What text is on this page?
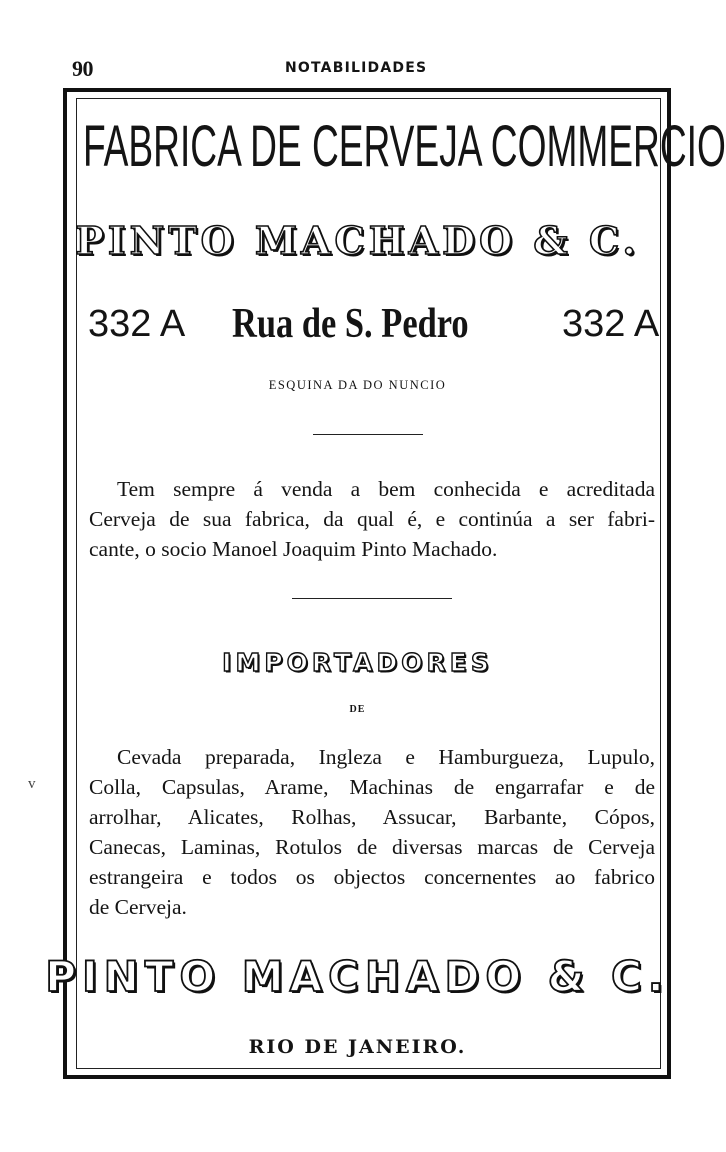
90	NOTABILIDADES
v
FABRICA DE CERVEJA COMMERCIO
PINTO MACHADO & C.
332 A Rua de S. Pedro 332 A
ESQUINA DA DO NUNCIO
Tem sempre á venda a bem conhecida e acreditada
Cerveja de sua fabrica, da qual é, e continúa a ser fabri-
cante, o socio Manoel Joaquim Pinto Machado.
IMPORTADORES
DE
Cevada preparada, Ingleza e Hamburgueza, Lupulo,
Colla, Capsulas, Arame, Machinas de engarrafar e de
arrolhar, Alicates, Rolhas, Assucar, Barbante, Cópos,
Canecas, Laminas, Rotulos de diversas marcas de Cerveja
estrangeira e todos os objectos concernentes ao fabrico
de Cerveja.
PINTO MACHADO & C.
RIO DE JANEIRO.
